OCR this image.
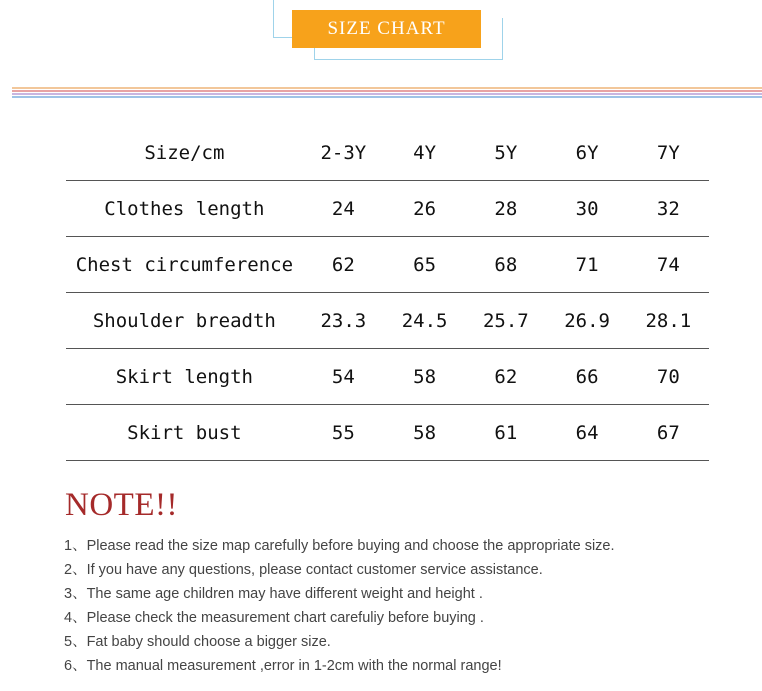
SIZE CHART
Size/cm	2-3Y	4Y	5Y	6Y	7Y
Clothes length	24	26	28	30	32
Chest circumference	62	65	68	71	74
Shoulder breadth	23.3	24.5	25.7	26.9	28.1
Skirt length	54	58	62	66	70
Skirt bust	55	58	61	64	67
NOTE!!
1、Please read the size map carefully before buying and choose the appropriate size.
2、If you have any questions, please contact customer service assistance.
3、The same age children may have different weight and height .
4、Please check the measurement chart carefuliy before buying .
5、Fat baby should choose a bigger size.
6、The manual measurement ,error in 1-2cm with the normal range!
